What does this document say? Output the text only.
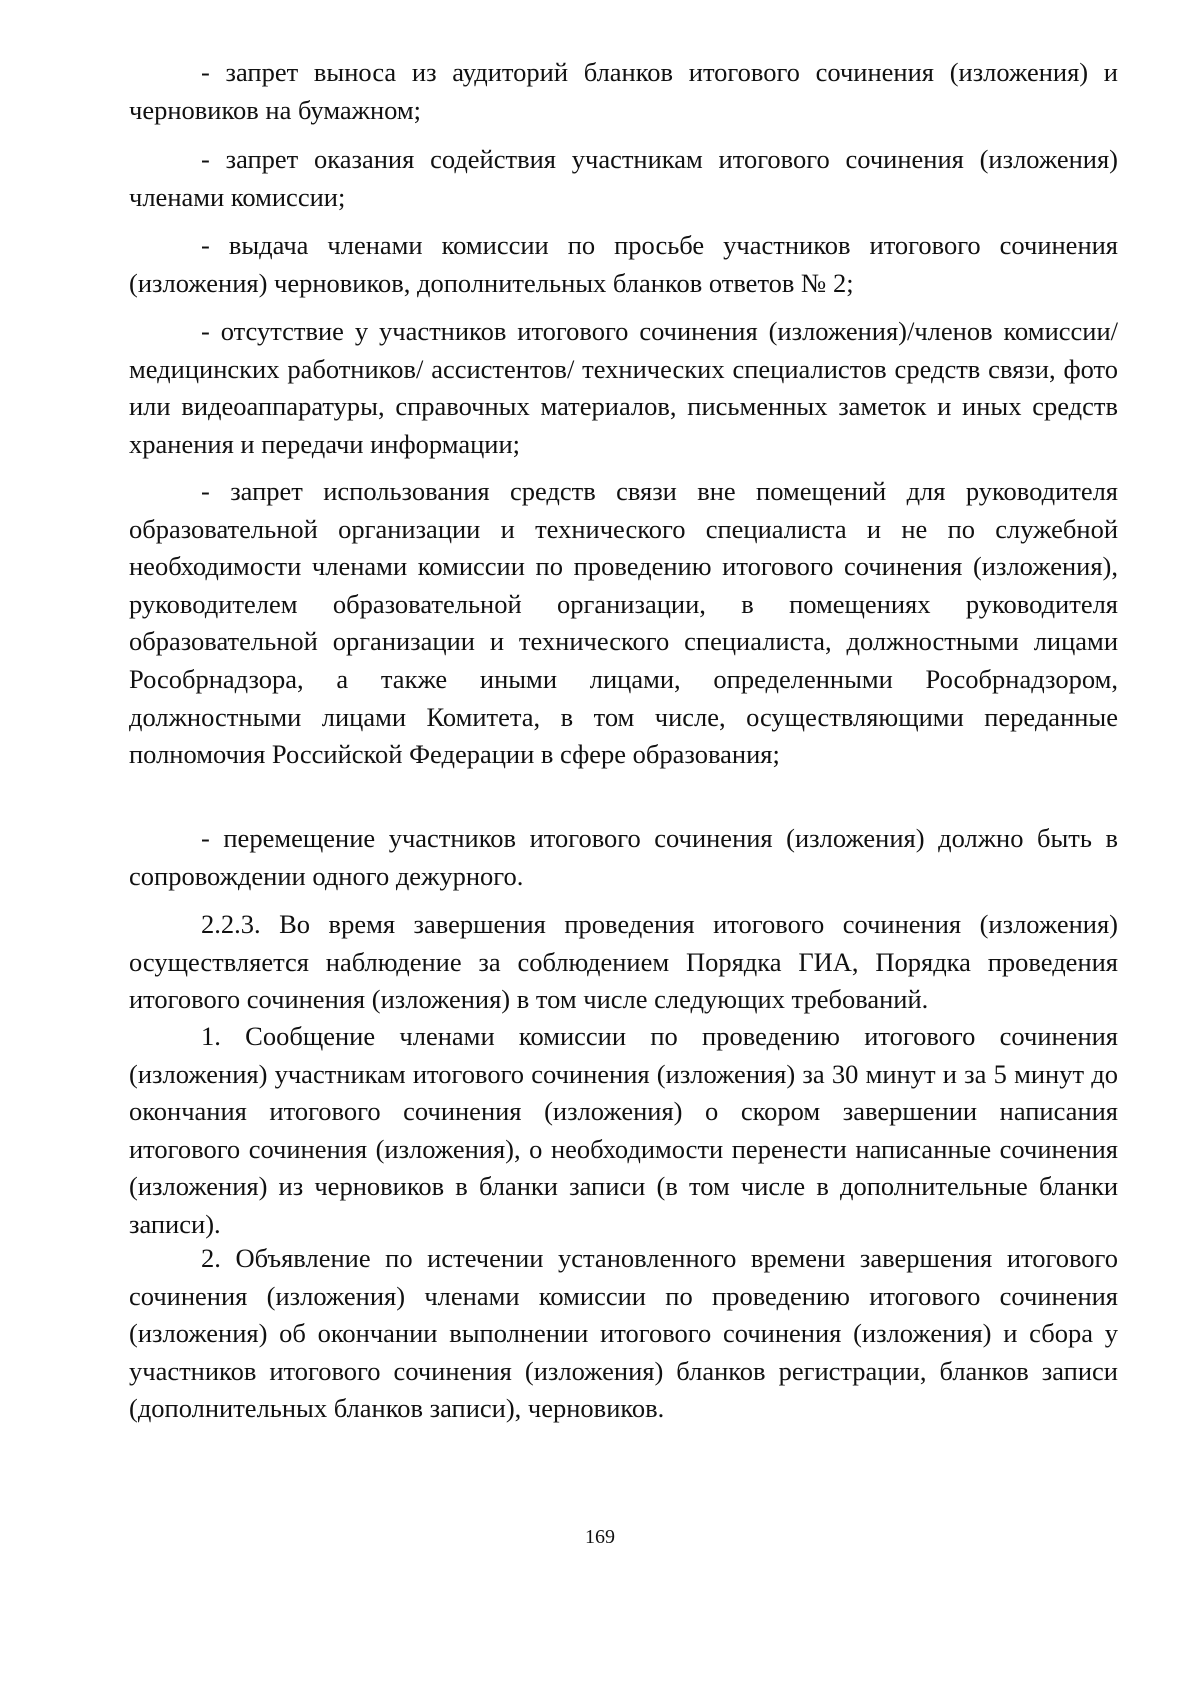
- запрет выноса из аудиторий бланков итогового сочинения (изложения) и черновиков на бумажном;

- запрет оказания содействия участникам итогового сочинения (изложения) членами комиссии;

- выдача членами комиссии по просьбе участников итогового сочинения (изложения) черновиков, дополнительных бланков ответов № 2;

- отсутствие у участников итогового сочинения (изложения)/членов комиссии/ медицинских работников/ ассистентов/ технических специалистов средств связи, фото или видеоаппаратуры, справочных материалов, письменных заметок и иных средств хранения и передачи информации;

- запрет использования средств связи вне помещений для руководителя образовательной организации и технического специалиста и не по служебной необходимости членами комиссии по проведению итогового сочинения (изложения), руководителем образовательной организации, в помещениях руководителя образовательной организации и технического специалиста, должностными лицами Рособрнадзора, а также иными лицами, определенными Рособрнадзором, должностными лицами Комитета, в том числе, осуществляющими переданные полномочия Российской Федерации в сфере образования;

- перемещение участников итогового сочинения (изложения) должно быть в сопровождении одного дежурного.

2.2.3. Во время завершения проведения итогового сочинения (изложения) осуществляется наблюдение за соблюдением Порядка ГИА, Порядка проведения итогового сочинения (изложения) в том числе следующих требований.

1. Сообщение членами комиссии по проведению итогового сочинения (изложения) участникам итогового сочинения (изложения) за 30 минут и за 5 минут до окончания итогового сочинения (изложения) о скором завершении написания итогового сочинения (изложения), о необходимости перенести написанные сочинения (изложения) из черновиков в бланки записи (в том числе в дополнительные бланки записи).

2. Объявление по истечении установленного времени завершения итогового сочинения (изложения) членами комиссии по проведению итогового сочинения (изложения) об окончании выполнении итогового сочинения (изложения) и сбора у участников итогового сочинения (изложения) бланков регистрации, бланков записи (дополнительных бланков записи), черновиков.

169
